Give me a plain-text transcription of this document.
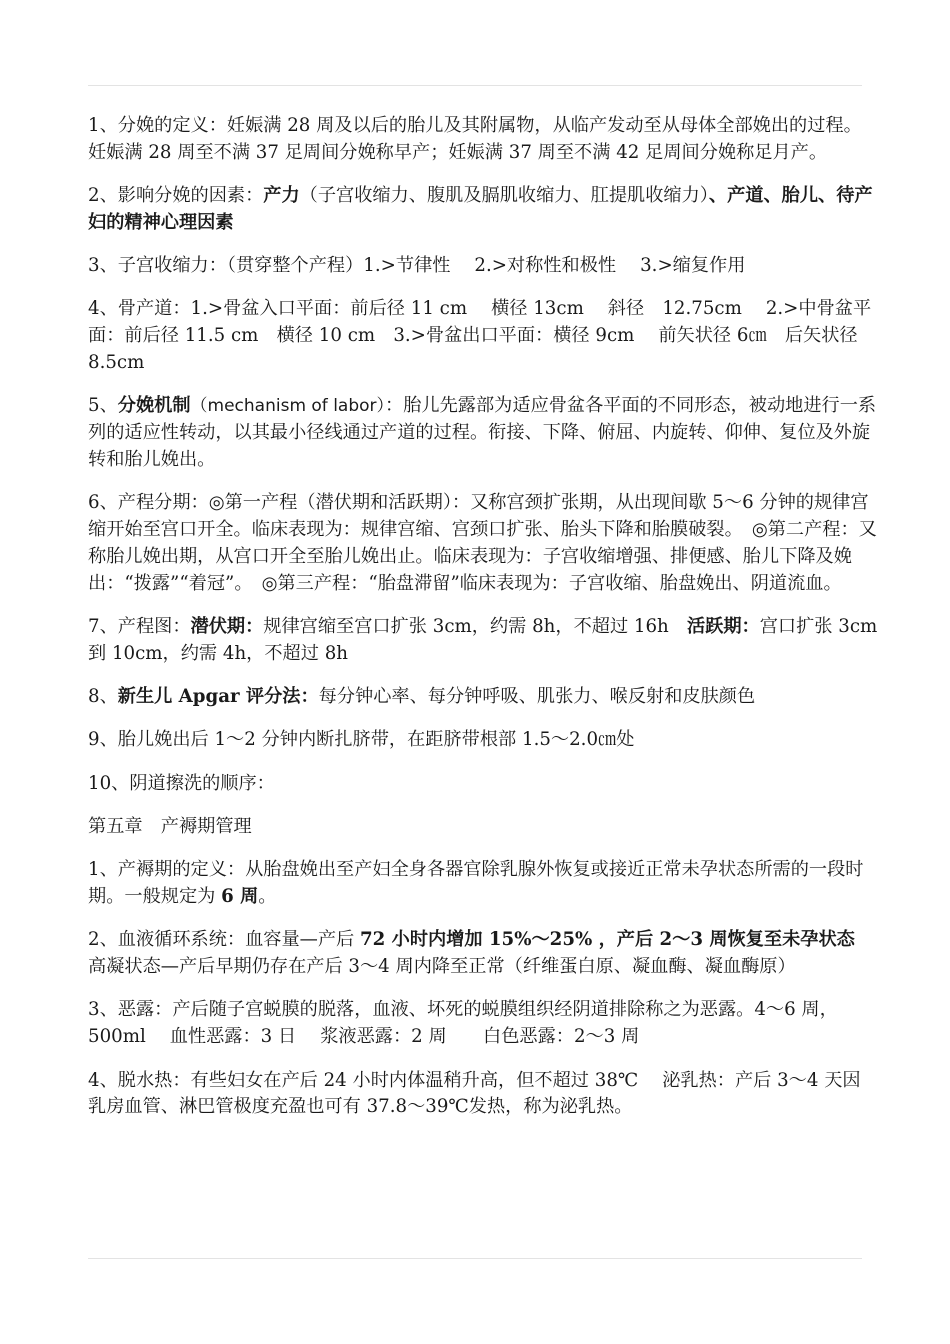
1、分娩的定义：妊娠满 28 周及以后的胎儿及其附属物，从临产发动至从母体全部娩出的过程。妊娠满 28 周至不满 37 足周间分娩称早产；妊娠满 37 周至不满 42 足周间分娩称足月产。

2、影响分娩的因素：产力（子宫收缩力、腹肌及膈肌收缩力、肛提肌收缩力）、产道、胎儿、待产妇的精神心理因素

3、子宫收缩力：（贯穿整个产程）1.>节律性　 2.>对称性和极性　 3.>缩复作用

4、骨产道：1.>骨盆入口平面：前后径 11 cm　 横径 13cm　 斜径　12.75cm　 2.>中骨盆平面：前后径 11.5 cm　横径 10 cm　3.>骨盆出口平面：横径 9cm　 前矢状径 6㎝　后矢状径 8.5cm

5、分娩机制（mechanism of labor）：胎儿先露部为适应骨盆各平面的不同形态，被动地进行一系列的适应性转动，以其最小径线通过产道的过程。衔接、下降、俯屈、内旋转、仰伸、复位及外旋转和胎儿娩出。

6、产程分期：◎第一产程（潜伏期和活跃期）：又称宫颈扩张期，从出现间歇 5～6 分钟的规律宫缩开始至宫口开全。临床表现为：规律宫缩、宫颈口扩张、胎头下降和胎膜破裂。　◎第二产程：又称胎儿娩出期，从宫口开全至胎儿娩出止。临床表现为：子宫收缩增强、排便感、胎儿下降及娩出：“拨露”“着冠”。　◎第三产程：“胎盘滞留”临床表现为：子宫收缩、胎盘娩出、阴道流血。

7、产程图：潜伏期：规律宫缩至宫口扩张 3cm，约需 8h，不超过 16h　活跃期：宫口扩张 3cm 到 10cm，约需 4h，不超过 8h

8、新生儿 Apgar 评分法：每分钟心率、每分钟呼吸、肌张力、喉反射和皮肤颜色

9、胎儿娩出后 1～2 分钟内断扎脐带，在距脐带根部 1.5～2.0㎝处

10、阴道擦洗的顺序：

第五章　产褥期管理

1、产褥期的定义：从胎盘娩出至产妇全身各器官除乳腺外恢复或接近正常未孕状态所需的一段时期。一般规定为 6 周。

2、血液循环系统：血容量—产后 72 小时内增加 15%～25% ，产后 2～3 周恢复至未孕状态　高凝状态—产后早期仍存在产后 3～4 周内降至正常（纤维蛋白原、凝血酶、凝血酶原）

3、恶露：产后随子宫蜕膜的脱落，血液、坏死的蜕膜组织经阴道排除称之为恶露。4～6 周，500ml　 血性恶露：3 日　 浆液恶露：2 周　　白色恶露：2～3 周

4、脱水热：有些妇女在产后 24 小时内体温稍升高，但不超过 38℃　 泌乳热：产后 3～4 天因乳房血管、淋巴管极度充盈也可有 37.8～39℃发热，称为泌乳热。
